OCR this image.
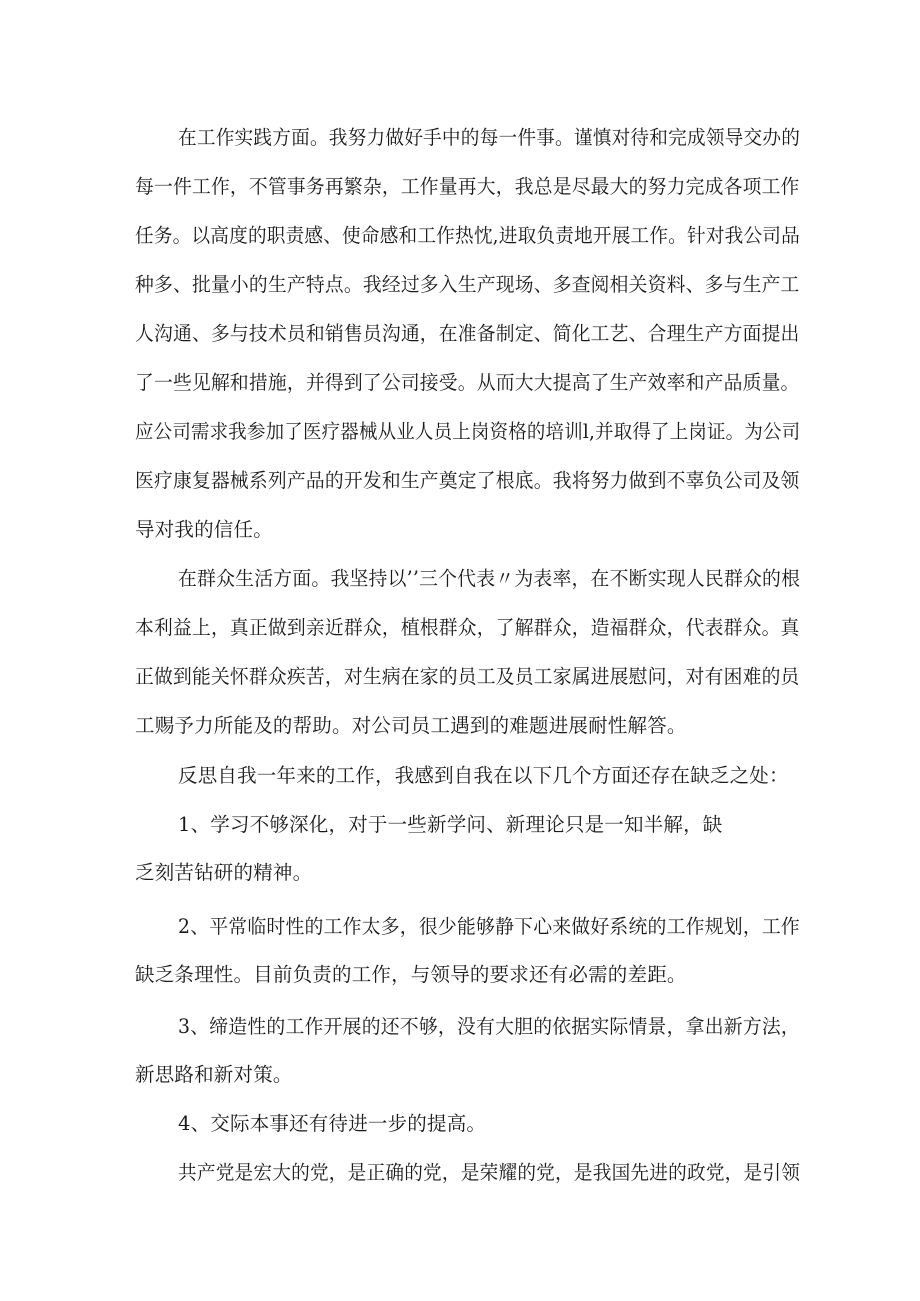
在工作实践方面。我努力做好手中的每一件事。谨慎对待和完成领导交办的

每一件工作，不管事务再繁杂，工作量再大，我总是尽最大的努力完成各项工作

任务。以高度的职责感、使命感和工作热忱,进取负责地开展工作。针对我公司品

种多、批量小的生产特点。我经过多入生产现场、多查阅相关资料、多与生产工

人沟通、多与技术员和销售员沟通，在准备制定、简化工艺、合理生产方面提出

了一些见解和措施，并得到了公司接受。从而大大提高了生产效率和产品质量。

应公司需求我参加了医疗器械从业人员上岗资格的培训l,并取得了上岗证。为公司

医疗康复器械系列产品的开发和生产奠定了根底。我将努力做到不辜负公司及领

导对我的信任。

在群众生活方面。我坚持以’’三个代表〃为表率，在不断实现人民群众的根

本利益上，真正做到亲近群众，植根群众，了解群众，造福群众，代表群众。真

正做到能关怀群众疾苦，对生病在家的员工及员工家属进展慰问，对有困难的员

工赐予力所能及的帮助。对公司员工遇到的难题进展耐性解答。

反思自我一年来的工作，我感到自我在以下几个方面还存在缺乏之处：

1、学习不够深化，对于一些新学问、新理论只是一知半解，缺

乏刻苦钻研的精神。

2、平常临时性的工作太多，很少能够静下心来做好系统的工作规划，工作

缺乏条理性。目前负责的工作，与领导的要求还有必需的差距。

3、缔造性的工作开展的还不够，没有大胆的依据实际情景，拿出新方法，

新思路和新对策。

4、交际本事还有待进一步的提高。

共产党是宏大的党，是正确的党，是荣耀的党，是我国先进的政党，是引领
